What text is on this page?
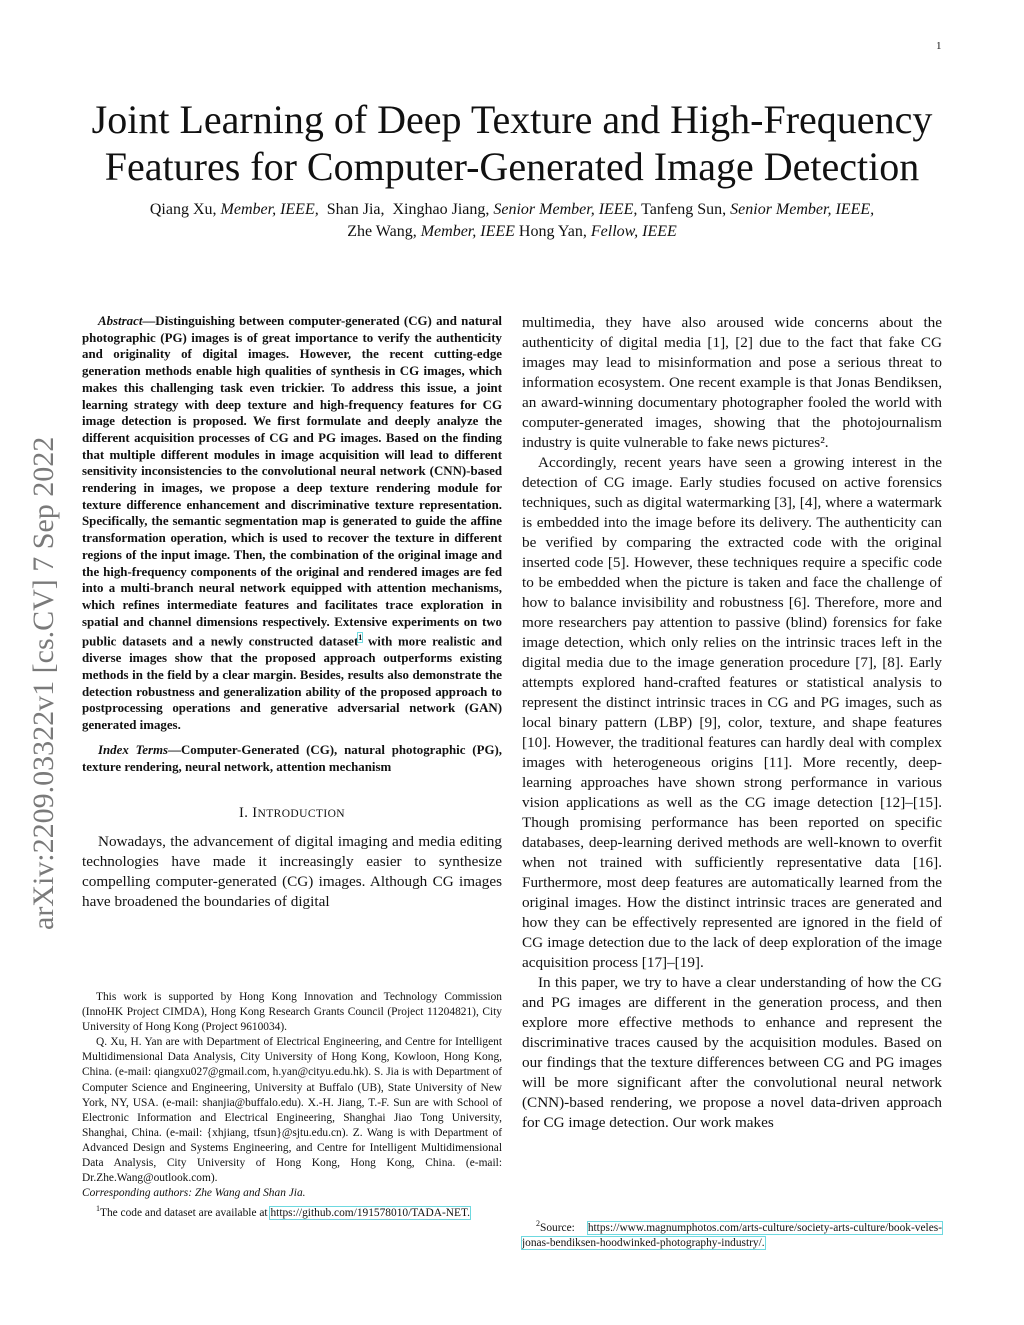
1
arXiv:2209.03322v1 [cs.CV] 7 Sep 2022
Joint Learning of Deep Texture and High-Frequency
Features for Computer-Generated Image Detection
Qiang Xu, Member, IEEE, Shan Jia, Xinghao Jiang, Senior Member, IEEE, Tanfeng Sun, Senior Member, IEEE,
Zhe Wang, Member, IEEE Hong Yan, Fellow, IEEE

Abstract—Distinguishing between computer-generated (CG) and natural photographic (PG) images is of great importance to verify the authenticity and originality of digital images. However, the recent cutting-edge generation methods enable high qualities of synthesis in CG images, which makes this challenging task even trickier. To address this issue, a joint learning strategy with deep texture and high-frequency features for CG image detection is proposed. We first formulate and deeply analyze the different acquisition processes of CG and PG images. Based on the finding that multiple different modules in image acquisition will lead to different sensitivity inconsistencies to the convolutional neural network (CNN)-based rendering in images, we propose a deep texture rendering module for texture difference enhancement and discriminative texture representation. Specifically, the semantic segmentation map is generated to guide the affine transformation operation, which is used to recover the texture in different regions of the input image. Then, the combination of the original image and the high-frequency components of the original and rendered images are fed into a multi-branch neural network equipped with attention mechanisms, which refines intermediate features and facilitates trace exploration in spatial and channel dimensions respectively. Extensive experiments on two public datasets and a newly constructed dataset$^1$ with more realistic and diverse images show that the proposed approach outperforms existing methods in the field by a clear margin. Besides, results also demonstrate the detection robustness and generalization ability of the proposed approach to postprocessing operations and generative adversarial network (GAN) generated images.

Index Terms—Computer-Generated (CG), natural photographic (PG), texture rendering, neural network, attention mechanism

I. INTRODUCTION

Nowadays, the advancement of digital imaging and media editing technologies have made it increasingly easier to synthesize compelling computer-generated (CG) images. Although CG images have broadened the boundaries of digital

This work is supported by Hong Kong Innovation and Technology Commission (InnoHK Project CIMDA), Hong Kong Research Grants Council (Project 11204821), City University of Hong Kong (Project 9610034).

Q. Xu, H. Yan are with Department of Electrical Engineering, and Centre for Intelligent Multidimensional Data Analysis, City University of Hong Kong, Kowloon, Hong Kong, China. (e-mail: qiangxu027@gmail.com, h.yan@cityu.edu.hk). S. Jia is with Department of Computer Science and Engineering, University at Buffalo (UB), State University of New York, NY, USA. (e-mail: shanjia@buffalo.edu). X.-H. Jiang, T.-F. Sun are with School of Electronic Information and Electrical Engineering, Shanghai Jiao Tong University, Shanghai, China. (e-mail: {xhjiang, tfsun}@sjtu.edu.cn). Z. Wang is with Department of Advanced Design and Systems Engineering, and Centre for Intelligent Multidimensional Data Analysis, City University of Hong Kong, Hong Kong, China. (e-mail: Dr.Zhe.Wang@outlook.com).

Corresponding authors: Zhe Wang and Shan Jia.

$^1$The code and dataset are available at https://github.com/191578010/TADA-NET.

multimedia, they have also aroused wide concerns about the authenticity of digital media [1], [2] due to the fact that fake CG images may lead to misinformation and pose a serious threat to information ecosystem. One recent example is that Jonas Bendiksen, an award-winning documentary photographer fooled the world with computer-generated images, showing that the photojournalism industry is quite vulnerable to fake news pictures².

Accordingly, recent years have seen a growing interest in the detection of CG image. Early studies focused on active forensics techniques, such as digital watermarking [3], [4], where a watermark is embedded into the image before its delivery. The authenticity can be verified by comparing the extracted code with the original inserted code [5]. However, these techniques require a specific code to be embedded when the picture is taken and face the challenge of how to balance invisibility and robustness [6]. Therefore, more and more researchers pay attention to passive (blind) forensics for fake image detection, which only relies on the intrinsic traces left in the digital media due to the image generation procedure [7], [8]. Early attempts explored hand-crafted features or statistical analysis to represent the distinct intrinsic traces in CG and PG images, such as local binary pattern (LBP) [9], color, texture, and shape features [10]. However, the traditional features can hardly deal with complex images with heterogeneous origins [11]. More recently, deep-learning approaches have shown strong performance in various vision applications as well as the CG image detection [12]–[15]. Though promising performance has been reported on specific databases, deep-learning derived methods are well-known to overfit when not trained with sufficiently representative data [16]. Furthermore, most deep features are automatically learned from the original images. How the distinct intrinsic traces are generated and how they can be effectively represented are ignored in the field of CG image detection due to the lack of deep exploration of the image acquisition process [17]–[19].

In this paper, we try to have a clear understanding of how the CG and PG images are different in the generation process, and then explore more effective methods to enhance and represent the discriminative traces caused by the acquisition modules. Based on our findings that the texture differences between CG and PG images will be more significant after the convolutional neural network (CNN)-based rendering, we propose a novel data-driven approach for CG image detection. Our work makes

$^2$Source: https://www.magnumphotos.com/arts-culture/society-arts-culture/book-veles-jonas-bendiksen-hoodwinked-photography-industry/.
